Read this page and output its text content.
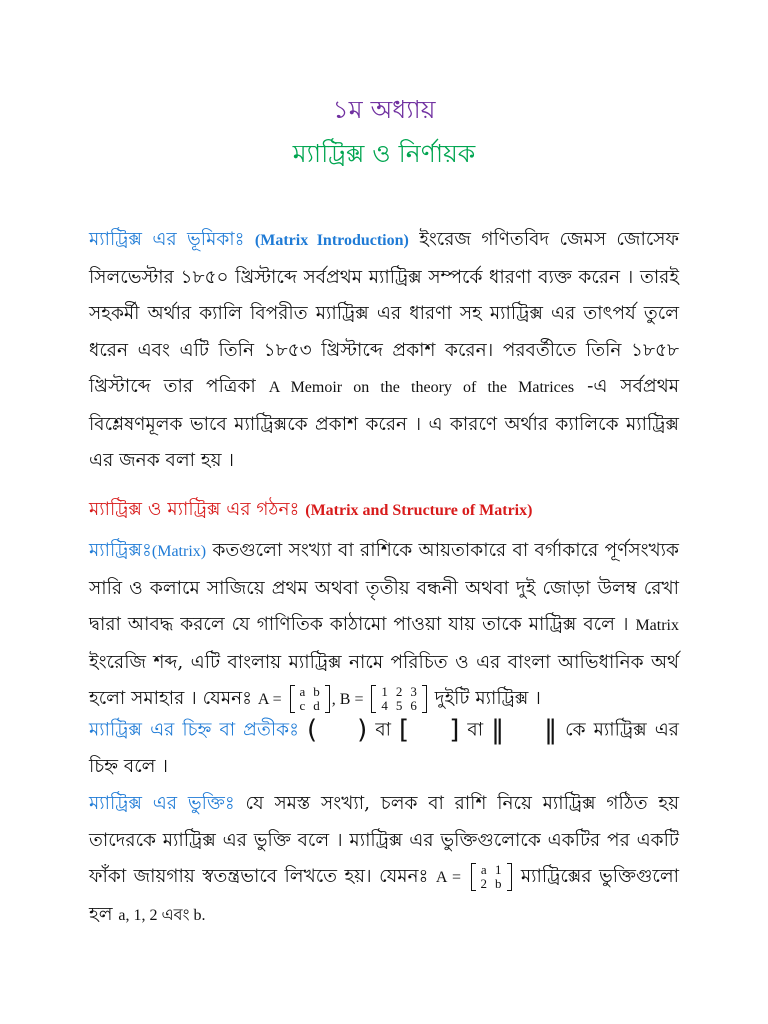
১ম অধ্যায়
ম্যাট্রিক্স ও নির্ণায়ক
ম্যাট্রিক্স এর ভূমিকাঃ (Matrix Introduction) ইংরেজ গণিতবিদ জেমস জোসেফ সিলভেস্টার ১৮৫০ খ্রিস্টাব্দে সর্বপ্রথম ম্যাট্রিক্স সম্পর্কে ধারণা ব্যক্ত করেন । তারই সহকর্মী অর্থার ক্যালি বিপরীত ম্যাট্রিক্স এর ধারণা সহ ম্যাট্রিক্স এর তাৎপর্য তুলে ধরেন এবং এটি তিনি ১৮৫৩ খ্রিস্টাব্দে প্রকাশ করেন। পরবর্তীতে তিনি ১৮৫৮ খ্রিস্টাব্দে তার পত্রিকা A Memoir on the theory of the Matrices -এ সর্বপ্রথম বিশ্লেষণমূলক ভাবে ম্যাট্রিক্সকে প্রকাশ করেন । এ কারণে অর্থার ক্যালিকে ম্যাট্রিক্স এর জনক বলা হয় ।
ম্যাট্রিক্স ও ম্যাট্রিক্স এর গঠনঃ (Matrix and Structure of Matrix)
ম্যাট্রিক্সঃ(Matrix) কতগুলো সংখ্যা বা রাশিকে আয়তাকারে বা বর্গাকারে পূর্ণসংখ্যক সারি ও কলামে সাজিয়ে প্রথম অথবা তৃতীয় বন্ধনী অথবা দুই জোড়া উলম্ব রেখা দ্বারা আবদ্ধ করলে যে গাণিতিক কাঠামো পাওয়া যায় তাকে মাট্রিক্স বলে । Matrix ইংরেজি শব্দ, এটি বাংলায় ম্যাট্রিক্স নামে পরিচিত ও এর বাংলা আভিধানিক অর্থ হলো সমাহার । যেমনঃ A = a	b
c	d , B = 1	2	3
4	5	6 দুইটি ম্যাট্রিক্স ।
ম্যাট্রিক্স এর চিহ্ন বা প্রতীকঃ ( ) বা [ ] বা ‖ ‖ কে ম্যাট্রিক্স এর চিহ্ন বলে ।
ম্যাট্রিক্স এর ভুক্তিঃ যে সমস্ত সংখ্যা, চলক বা রাশি নিয়ে ম্যাট্রিক্স গঠিত হয় তাদেরকে ম্যাট্রিক্স এর ভুক্তি বলে । ম্যাট্রিক্স এর ভুক্তিগুলোকে একটির পর একটি ফাঁকা জায়গায় স্বতন্ত্রভাবে লিখতে হয়। যেমনঃ A = a	1
2	b ম্যাট্রিক্সের ভুক্তিগুলো হল a, 1, 2 এবং b.
